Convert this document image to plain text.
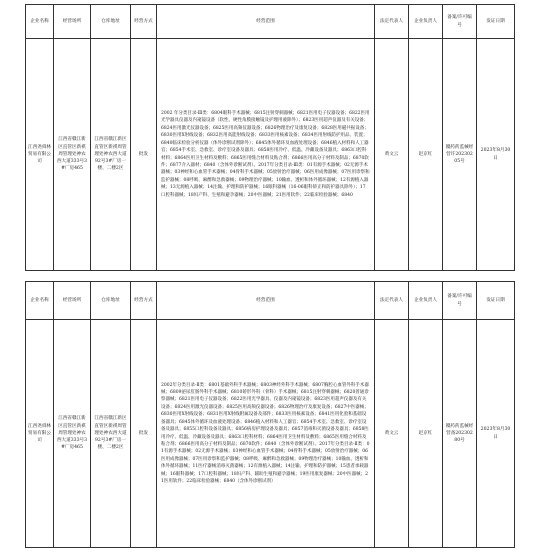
企业名称	经营场所	仓库地址	经营方式	经营范围	法定代表人	企业负责人	备案/许可编号	发证日期
江西尧舜林贸易有限公司	江西省赣江新区直管区新祺周管理处神农西大道333号3#厂房465	江西省赣江新区直管区新祺周管理处神农西大道92号3#厂房一楼、二楼2区	批发	2002 年分类目录-Ⅲ类：6804眼科手术器械；6815注射穿刺器械；6821医用电子仪器设备；6822医用光学器具仪器及内窥镜设备（软性、硬性角膜接触镜及护理用液除外）；6823医用超声仪器及有关设备；6824医用激光仪器设备；6825医用高频仪器设备；6826物理治疗及康复设备；6828医用磁共振设备；6830医用X射线设备；6832医用高能射线设备；6833医用核素设备；6834医用射线防护用品、装置；6840临床检验分析仪器（体外诊断试剂除外）；6845体外循环及血液处理设备；6846植入材料和人工器官；6854手术室、急救室、诊疗室设备及器具；6858医用冷疗、低温、冷藏设备及器具；6863口腔科材料；6864医用卫生材料及敷料；6865医用缝合材料及粘合剂；6866医用高分子材料及制品；6870软件；6877介入器材；6840（含体外诊断试剂）。2017年分类目录-Ⅲ类：01有源手术器械；02无源手术器械；03神经和心血管手术器械；04骨科手术器械；05放射治疗器械；06医用成像器械；07医用诊察和监护器械；08呼吸、麻醉和急救器械；09物理治疗器械；10输血、透析和体外循环器械；12有源植入器械；13无源植入器械；14注输、护理和防护器械；16眼科器械（16-06眼科矫正和防护器具除外）；17口腔科器械；18妇产科、生殖和避孕器械；20中医器械；21医用软件；22临床检验器械；6840	黄文云	赵京红	赣药药监械经营许20230205号	2023年8月30日
企业名称	经营场所	仓库地址	经营方式	经营范围	法定代表人	企业负责人	备案/许可编号	发证日期
江西尧舜林贸易有限公司	江西省赣江新区直管区新祺周管理处神农西大道333号3#厂房465	江西省赣江新区直管区新祺周管理处神农西大道92号3#厂房一楼、二楼2区	批发	2002年分类目录-Ⅱ类：6801基础外科手术器械；6803神经外科手术器械；6807胸腔心血管外科手术器械；6809泌尿肛肠外科手术器械；6810矫形外科（骨科）手术器械；6815注射穿刺器械；6820普通诊察器械；6821医用电子仪器设备；6822医用光学器具、仪器及内窥镜设备；6823医用超声仪器及有关设备；6824医用激光仪器设备；6825医用高频仪器设备；6826物理治疗及康复设备；6827中医器械；6830医用X射线设备；6831医用X射线附属设备及部件；6833医用核素设备；6841医用化验和基础设备器具；6845体外循环及血液处理设备；6846植入材料和人工器官；6854手术室、急救室、诊疗室设备及器具；6855口腔科设备及器具；6856病房护理设备及器具；6857消毒和灭菌设备及器具；6858医用冷疗、低温、冷藏设备及器具；6863口腔科材料；6864医用卫生材料及敷料；6865医用缝合材料及粘合剂；6866医用高分子材料及制品；6870软件；6840（含体外诊断试剂）。2017年分类目录-Ⅱ类：01有源手术器械；02无源手术器械；03神经和心血管手术器械；04骨科手术器械；05放射治疗器械；06医用成像器械；07医用诊察和监护器械；08呼吸、麻醉和急救器械；09物理治疗器械；10输血、透析和体外循环器械；11医疗器械消毒灭菌器械；12有源植入器械；14注输、护理和防护器械；15患者承载器械；16眼科器械；17口腔科器械；18妇产科、辅助生殖和避孕器械；19医用康复器械；20中医器械；21医用软件；22临床检验器械；6840（含体外诊断试剂）	黄文云	赵京红	赣药药监械经营备20230280号	2023年8月30日
